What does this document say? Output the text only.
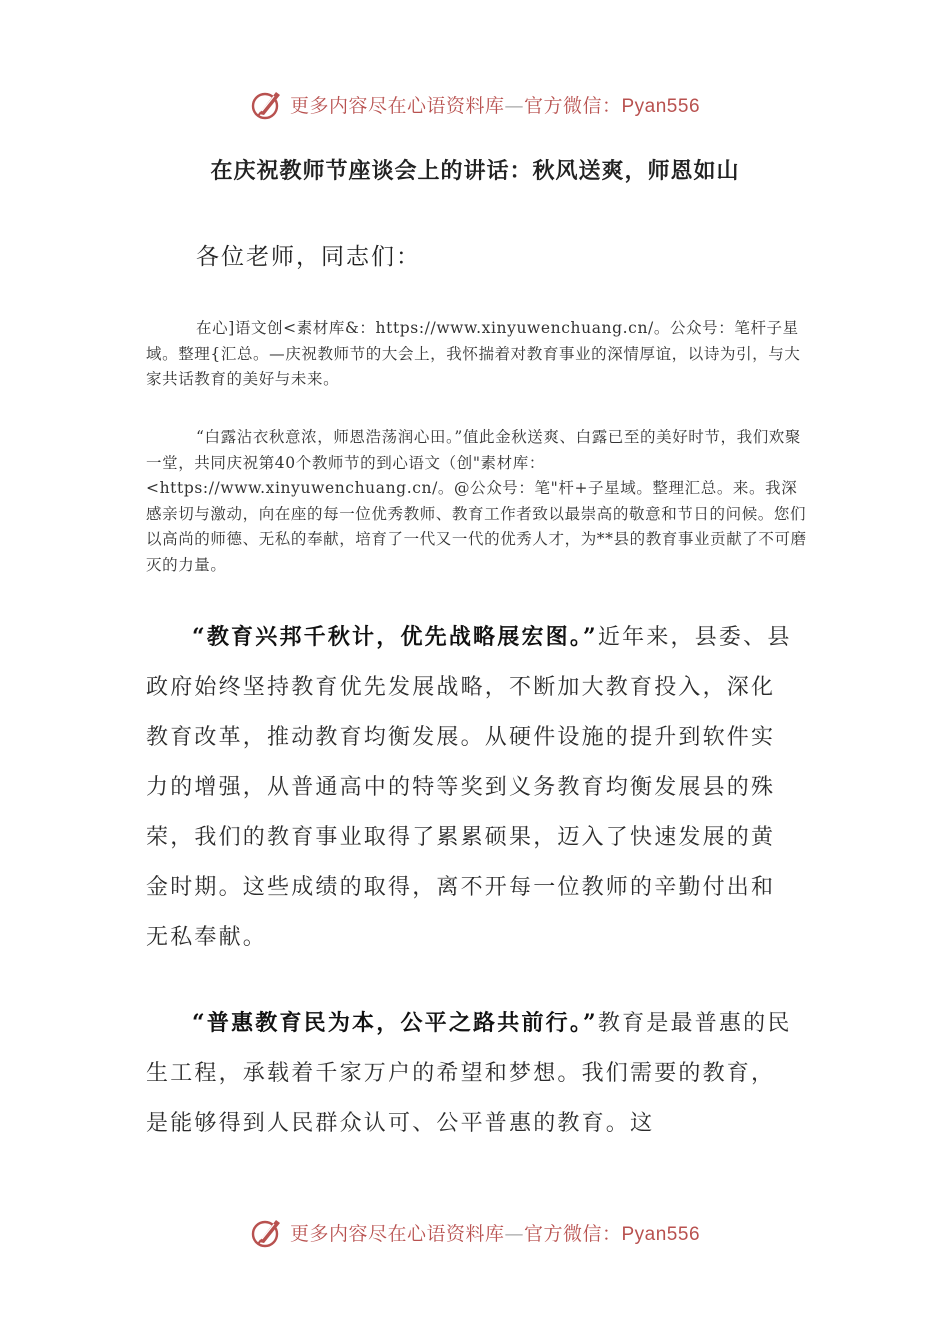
更多内容尽在心语资料库—官方微信：Pyan556
在庆祝教师节座谈会上的讲话：秋风送爽，师恩如山
各位老师，同志们：

在心]语文创<素材库&：https://www.xinyuwenchuang.cn/。公众号：笔杆子星域。整理{汇总。—庆祝教师节的大会上，我怀揣着对教育事业的深情厚谊，以诗为引，与大家共话教育的美好与未来。

“白露沾衣秋意浓，师恩浩荡润心田。”值此金秋送爽、白露已至的美好时节，我们欢聚一堂，共同庆祝第40个教师节的到心语文（创"素材库：<https://www.xinyuwenchuang.cn/。@公众号：笔"杆+子星域。整理汇总。来。我深感亲切与激动，向在座的每一位优秀教师、教育工作者致以最崇高的敬意和节日的问候。您们以高尚的师德、无私的奉献，培育了一代又一代的优秀人才，为**县的教育事业贡献了不可磨灭的力量。

“教育兴邦千秋计，优先战略展宏图。”近年来，县委、县政府始终坚持教育优先发展战略，不断加大教育投入，深化教育改革，推动教育均衡发展。从硬件设施的提升到软件实力的增强，从普通高中的特等奖到义务教育均衡发展县的殊荣，我们的教育事业取得了累累硕果，迈入了快速发展的黄金时期。这些成绩的取得，离不开每一位教师的辛勤付出和无私奉献。

“普惠教育民为本，公平之路共前行。”教育是最普惠的民生工程，承载着千家万户的希望和梦想。我们需要的教育，是能够得到人民群众认可、公平普惠的教育。这

更多内容尽在心语资料库—官方微信：Pyan556
